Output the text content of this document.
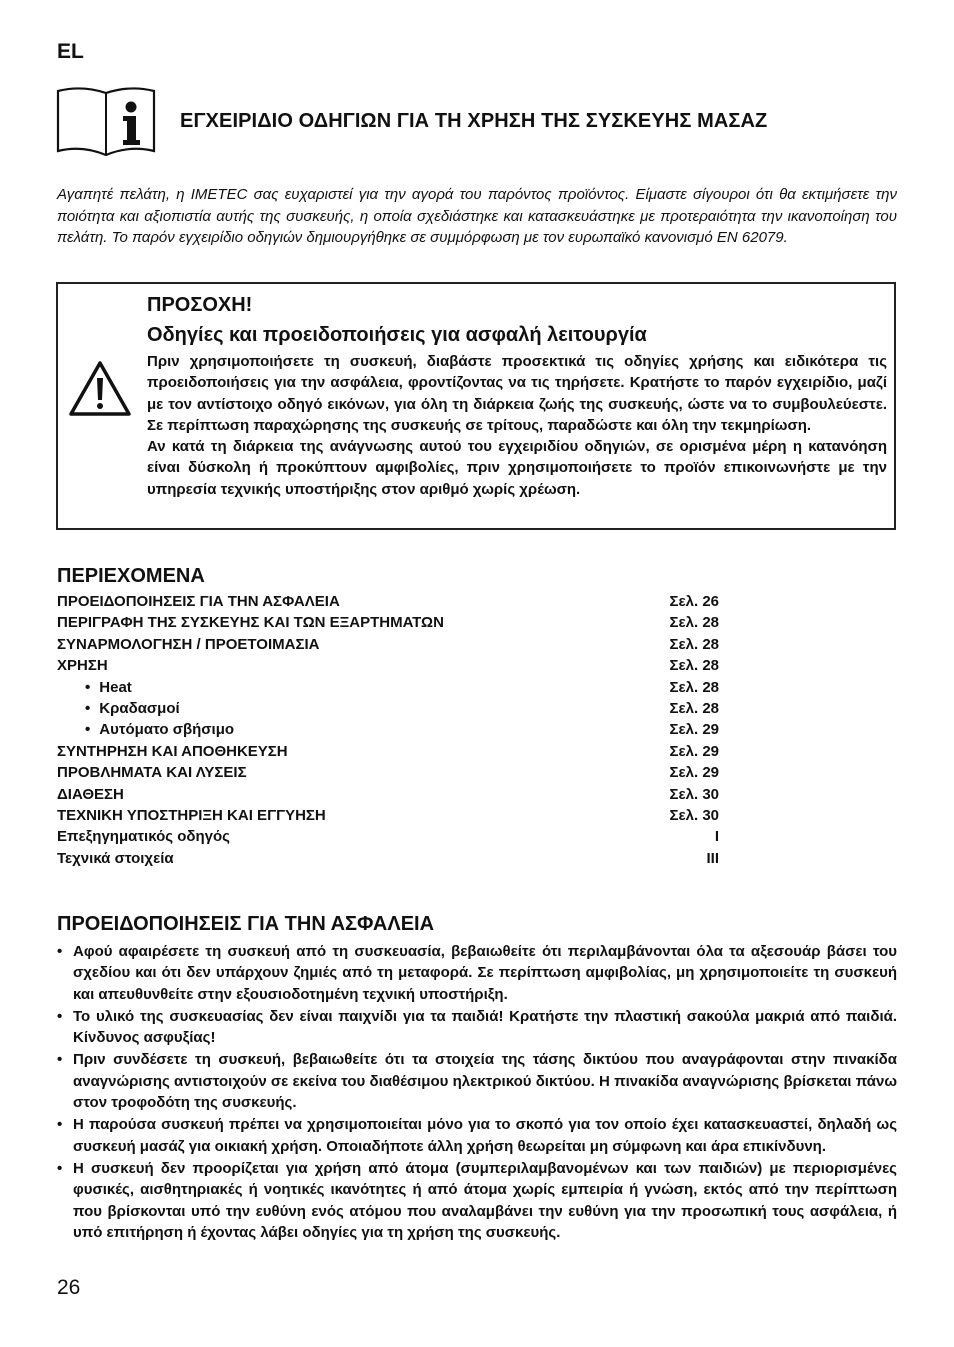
EL
ΕΓΧΕΙΡΙΔΙΟ ΟΔΗΓΙΩΝ ΓΙΑ ΤΗ ΧΡΗΣΗ ΤΗΣ ΣΥΣΚΕΥΗΣ ΜΑΣΑΖ
Αγαπητέ πελάτη, η IMETEC σας ευχαριστεί για την αγορά του παρόντος προϊόντος. Είμαστε σίγουροι ότι θα εκτιμήσετε την ποιότητα και αξιοπιστία αυτής της συσκευής, η οποία σχεδιάστηκε και κατασκευάστηκε με προτεραιότητα την ικανοποίηση του πελάτη. Το παρόν εγχειρίδιο οδηγιών δημιουργήθηκε σε συμμόρφωση με τον ευρωπαϊκό κανονισμό EN 62079.
ΠΡΟΣΟΧΗ!
Οδηγίες και προειδοποιήσεις για ασφαλή λειτουργία

Πριν χρησιμοποιήσετε τη συσκευή, διαβάστε προσεκτικά τις οδηγίες χρήσης και ειδικότερα τις προειδοποιήσεις για την ασφάλεια, φροντίζοντας να τις τηρήσετε. Κρατήστε το παρόν εγχειρίδιο, μαζί με τον αντίστοιχο οδηγό εικόνων, για όλη τη διάρκεια ζωής της συσκευής, ώστε να το συμβουλεύεστε. Σε περίπτωση παραχώρησης της συσκευής σε τρίτους, παραδώστε και όλη την τεκμηρίωση.

Αν κατά τη διάρκεια της ανάγνωσης αυτού του εγχειριδίου οδηγιών, σε ορισμένα μέρη η κατανόηση είναι δύσκολη ή προκύπτουν αμφιβολίες, πριν χρησιμοποιήσετε το προϊόν επικοινωνήστε με την υπηρεσία τεχνικής υποστήριξης στον αριθμό χωρίς χρέωση.

ΠΕΡΙΕΧΟΜΕΝΑ
ΠΡΟΕΙΔΟΠΟΙΗΣΕΙΣ ΓΙΑ ΤΗΝ ΑΣΦΑΛΕΙΑ	Σελ. 26
ΠΕΡΙΓΡΑΦΗ ΤΗΣ ΣΥΣΚΕΥΗΣ ΚΑΙ ΤΩΝ ΕΞΑΡΤΗΜΑΤΩΝ	Σελ. 28
ΣΥΝΑΡΜΟΛΟΓΗΣΗ / ΠΡΟΕΤΟΙΜΑΣΙΑ	Σελ. 28
ΧΡΗΣΗ	Σελ. 28
• Heat	Σελ. 28
• Κραδασμοί	Σελ. 28
• Αυτόματο σβήσιμο	Σελ. 29
ΣΥΝΤΗΡΗΣΗ ΚΑΙ ΑΠΟΘΗΚΕΥΣΗ	Σελ. 29
ΠΡΟΒΛΗΜΑΤΑ ΚΑΙ ΛΥΣΕΙΣ	Σελ. 29
ΔΙΑΘΕΣΗ	Σελ. 30
ΤΕΧΝΙΚΗ ΥΠΟΣΤΗΡΙΞΗ ΚΑΙ ΕΓΓΥΗΣΗ	Σελ. 30
Επεξηγηματικός οδηγός	I
Τεχνικά στοιχεία	III
ΠΡΟΕΙΔΟΠΟΙΗΣΕΙΣ ΓΙΑ ΤΗΝ ΑΣΦΑΛΕΙΑ
• Αφού αφαιρέσετε τη συσκευή από τη συσκευασία, βεβαιωθείτε ότι περιλαμβάνονται όλα τα αξεσουάρ βάσει του σχεδίου και ότι δεν υπάρχουν ζημιές από τη μεταφορά. Σε περίπτωση αμφιβολίας, μη χρησιμοποιείτε τη συσκευή και απευθυνθείτε στην εξουσιοδοτημένη τεχνική υποστήριξη.
• Το υλικό της συσκευασίας δεν είναι παιχνίδι για τα παιδιά! Κρατήστε την πλαστική σακούλα μακριά από παιδιά. Κίνδυνος ασφυξίας!
• Πριν συνδέσετε τη συσκευή, βεβαιωθείτε ότι τα στοιχεία της τάσης δικτύου που αναγράφονται στην πινακίδα αναγνώρισης αντιστοιχούν σε εκείνα του διαθέσιμου ηλεκτρικού δικτύου. Η πινακίδα αναγνώρισης βρίσκεται πάνω στον τροφοδότη της συσκευής.
• Η παρούσα συσκευή πρέπει να χρησιμοποιείται μόνο για το σκοπό για τον οποίο έχει κατασκευαστεί, δηλαδή ως συσκευή μασάζ για οικιακή χρήση. Οποιαδήποτε άλλη χρήση θεωρείται μη σύμφωνη και άρα επικίνδυνη.
• Η συσκευή δεν προορίζεται για χρήση από άτομα (συμπεριλαμβανομένων και των παιδιών) με περιορισμένες φυσικές, αισθητηριακές ή νοητικές ικανότητες ή από άτομα χωρίς εμπειρία ή γνώση, εκτός από την περίπτωση που βρίσκονται υπό την ευθύνη ενός ατόμου που αναλαμβάνει την ευθύνη για την προσωπική τους ασφάλεια, ή υπό επιτήρηση ή έχοντας λάβει οδηγίες για τη χρήση της συσκευής.
26
